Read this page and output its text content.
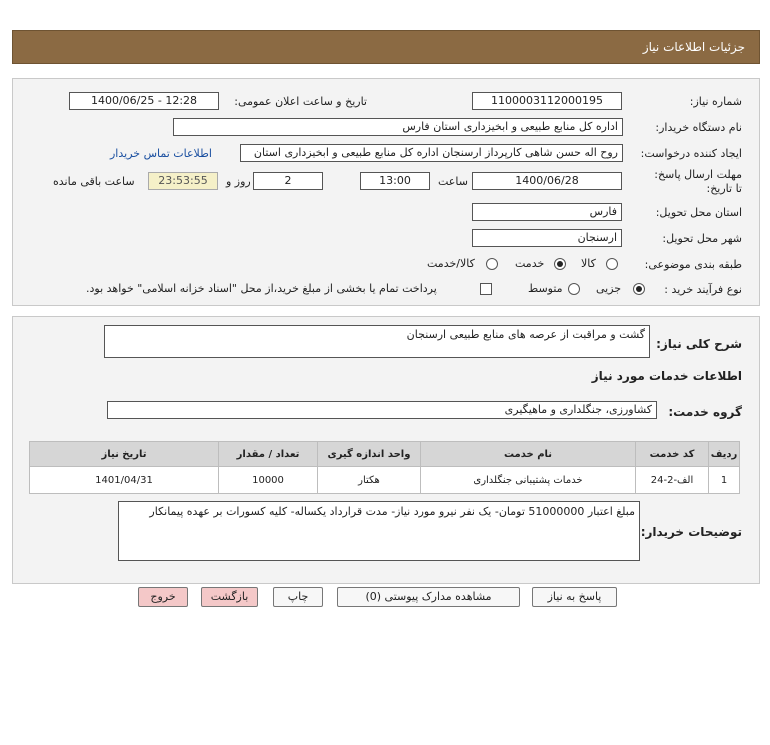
جزئیات اطلاعات نیاز
شماره نیاز:
1100003112000195
تاریخ و ساعت اعلان عمومی:
1400/06/25 - 12:28
نام دستگاه خریدار:
اداره کل منابع طبیعی و ابخیزداری استان فارس
ایجاد کننده درخواست:
روح اله حسن شاهی کارپرداز ارسنجان اداره کل منابع طبیعی و ابخیزداری استان
اطلاعات تماس خریدار
مهلت ارسال پاسخ: تا تاریخ:
1400/06/28
ساعت
13:00
2
روز و
23:53:55
ساعت باقی مانده
استان محل تحویل:
فارس
شهر محل تحویل:
ارسنجان
طبقه بندی موضوعی:
کالا
خدمت
کالا/خدمت
نوع فرآیند خرید :
جزیی
متوسط
پرداخت تمام یا بخشی از مبلغ خرید،از محل "اسناد خزانه اسلامی" خواهد بود.
شرح کلی نیاز:
گشت و مراقبت از عرصه های منابع طبیعی ارسنجان
اطلاعات خدمات مورد نیاز
گروه خدمت:
کشاورزی، جنگلداری و ماهیگیری
ردیف	کد خدمت	نام خدمت	واحد اندازه گیری	تعداد / مقدار	تاریخ نیاز
1	الف-2-24	خدمات پشتیبانی جنگلداری	هکتار	10000	1401/04/31
توضیحات خریدار:
مبلغ اعتبار 51000000 تومان- یک نفر نیرو مورد نیاز- مدت قرارداد یکساله- کلیه کسورات بر عهده پیمانکار
پاسخ به نیاز
مشاهده مدارک پیوستی (0)
چاپ
بازگشت
خروج
